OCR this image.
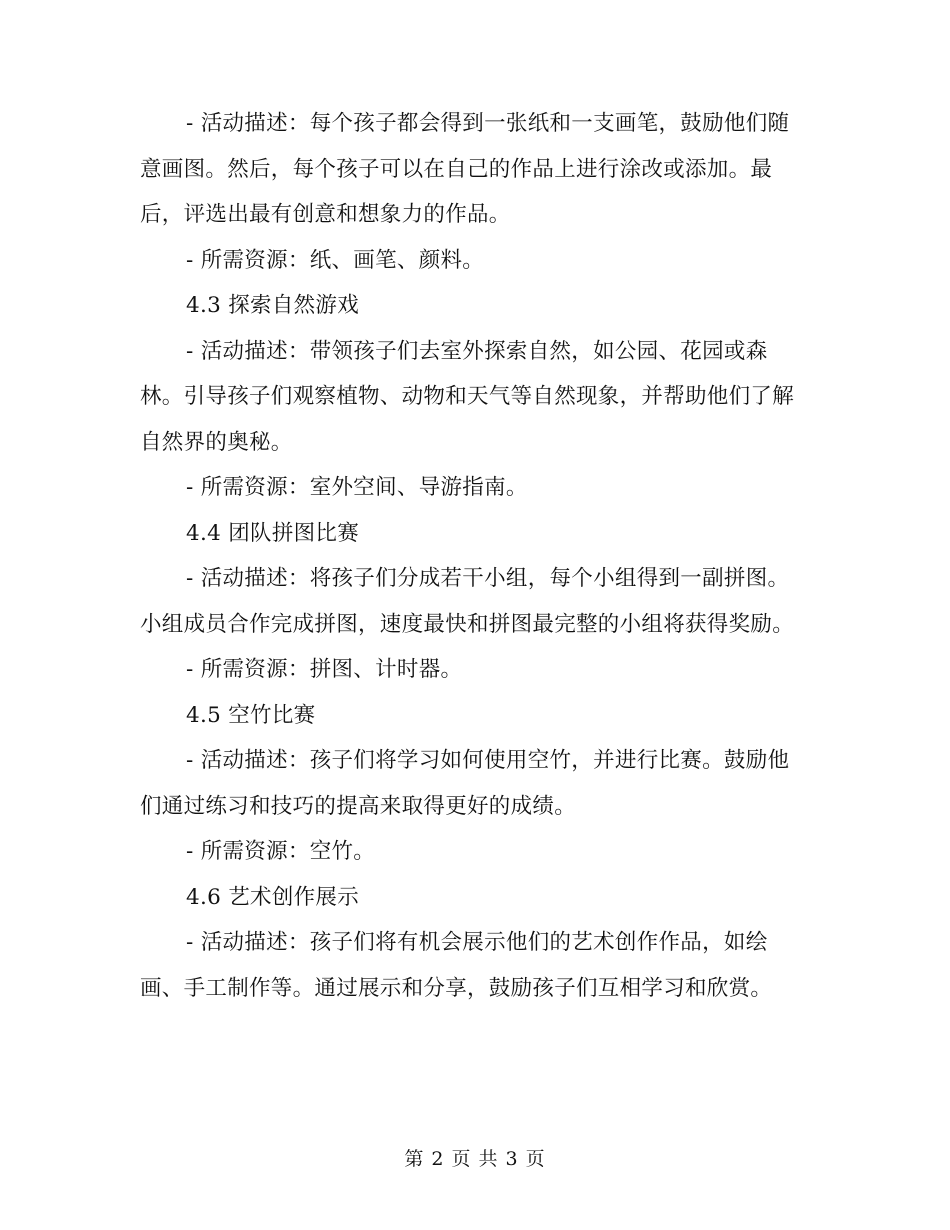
- 活动描述：每个孩子都会得到一张纸和一支画笔，鼓励他们随意画图。然后，每个孩子可以在自己的作品上进行涂改或添加。最后，评选出最有创意和想象力的作品。

- 所需资源：纸、画笔、颜料。

4.3 探索自然游戏

- 活动描述：带领孩子们去室外探索自然，如公园、花园或森林。引导孩子们观察植物、动物和天气等自然现象，并帮助他们了解自然界的奥秘。

- 所需资源：室外空间、导游指南。

4.4 团队拼图比赛

- 活动描述：将孩子们分成若干小组，每个小组得到一副拼图。小组成员合作完成拼图，速度最快和拼图最完整的小组将获得奖励。

- 所需资源：拼图、计时器。

4.5 空竹比赛

- 活动描述：孩子们将学习如何使用空竹，并进行比赛。鼓励他们通过练习和技巧的提高来取得更好的成绩。

- 所需资源：空竹。

4.6 艺术创作展示

- 活动描述：孩子们将有机会展示他们的艺术创作作品，如绘画、手工制作等。通过展示和分享，鼓励孩子们互相学习和欣赏。

第 2 页 共 3 页
